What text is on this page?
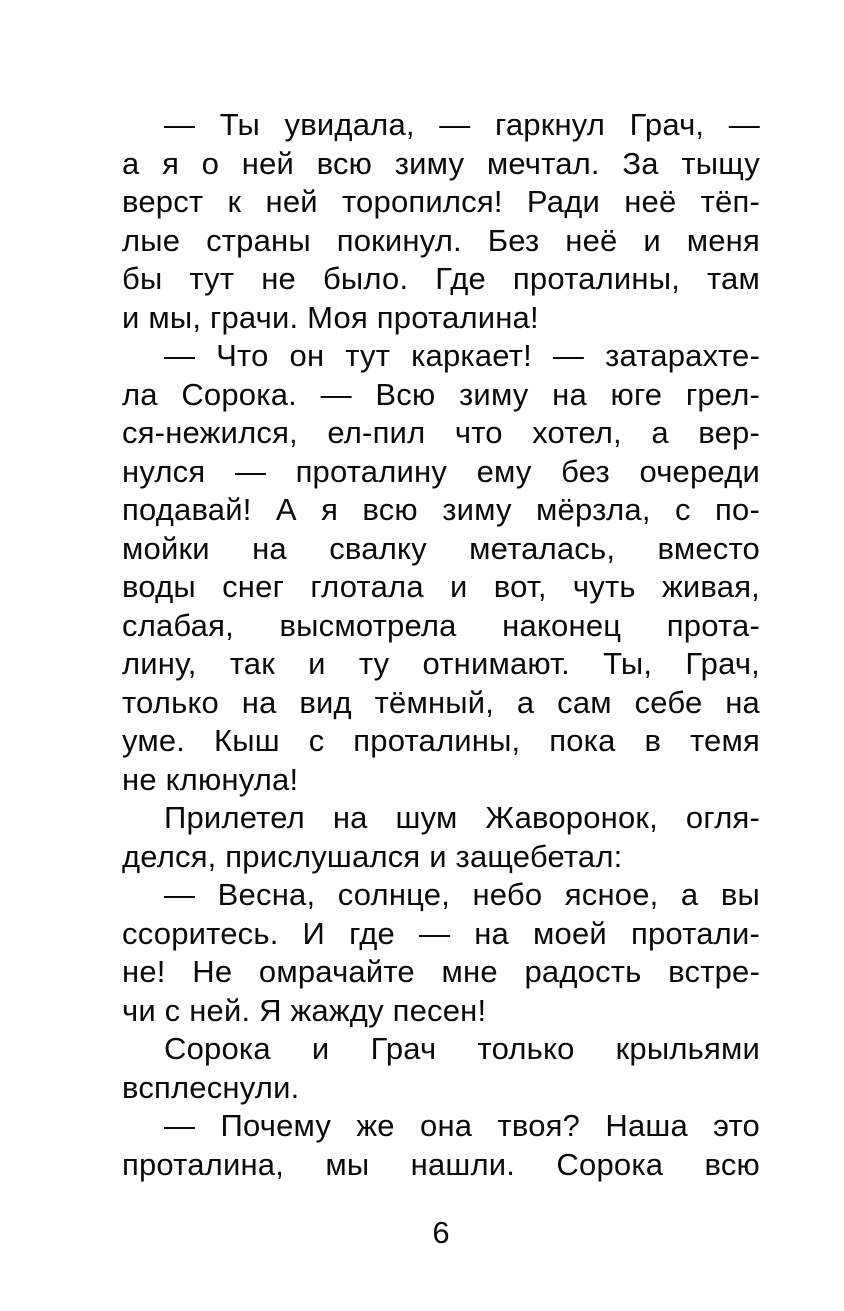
— Ты увидала, — гаркнул Грач, —
а я о ней всю зиму мечтал. За тыщу
верст к ней торопился! Ради неё тёп-
лые страны покинул. Без неё и меня
бы тут не было. Где проталины, там
и мы, грачи. Моя проталина!
— Что он тут каркает! — затарахте-
ла Сорока. — Всю зиму на юге грел-
ся-нежился, ел-пил что хотел, а вер-
нулся — проталину ему без очереди
подавай! А я всю зиму мёрзла, с по-
мойки на свалку металась, вместо
воды снег глотала и вот, чуть живая,
слабая, высмотрела наконец прота-
лину, так и ту отнимают. Ты, Грач,
только на вид тёмный, а сам себе на
уме. Кыш с проталины, пока в темя
не клюнула!
Прилетел на шум Жаворонок, огля-
делся, прислушался и защебетал:
— Весна, солнце, небо ясное, а вы
ссоритесь. И где — на моей протали-
не! Не омрачайте мне радость встре-
чи с ней. Я жажду песен!
Сорока и Грач только крыльями
всплеснули.
— Почему же она твоя? Наша это
проталина, мы нашли. Сорока всю
6
